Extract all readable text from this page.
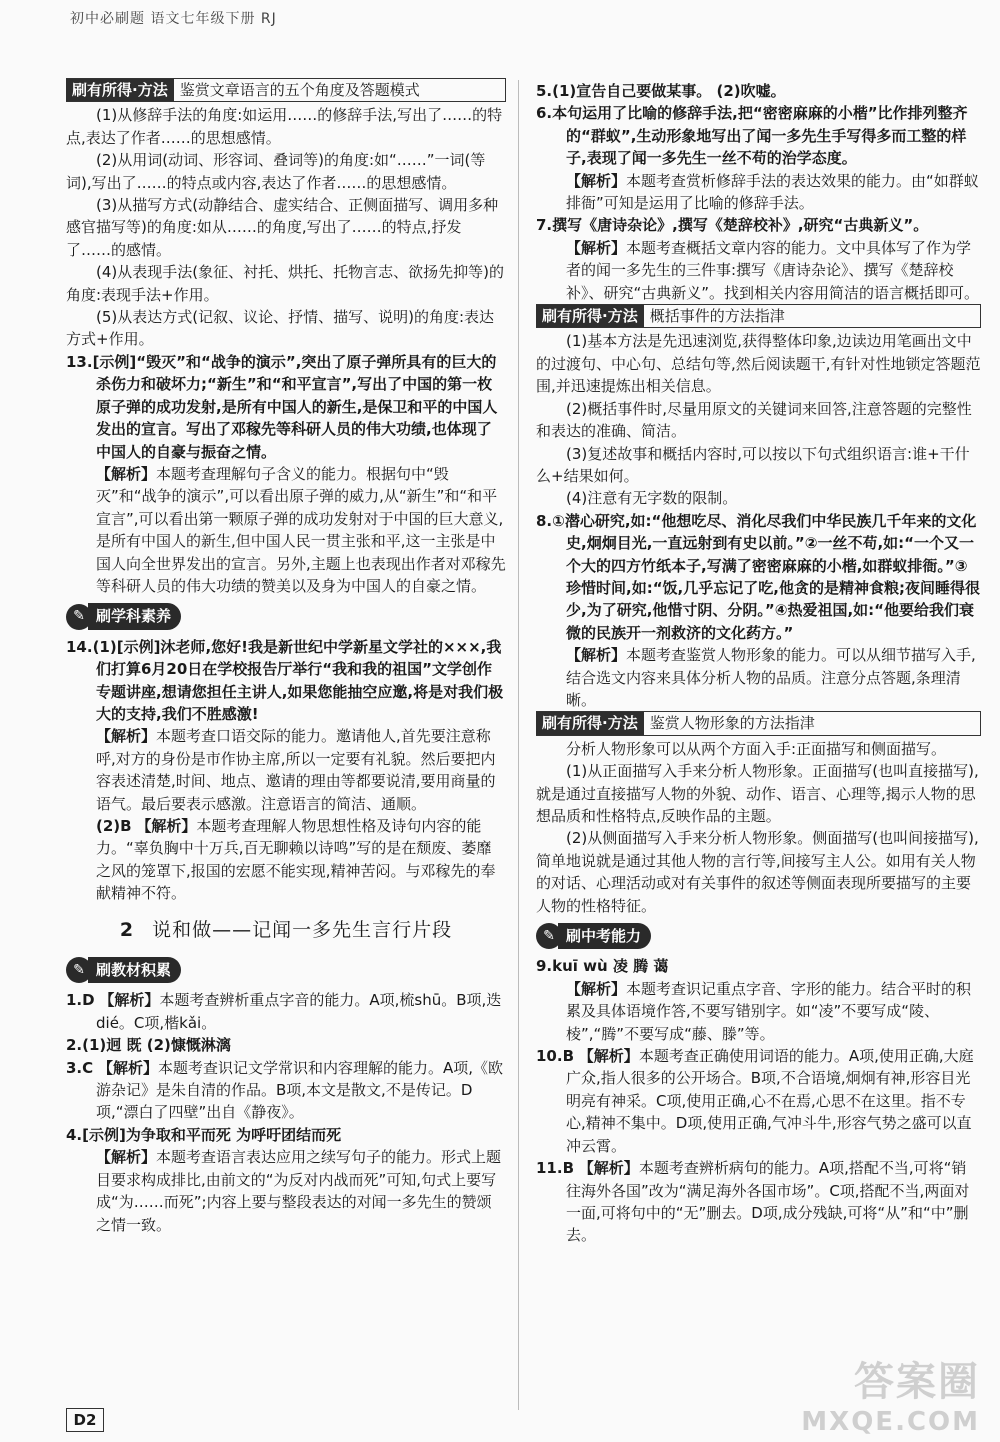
初中必刷题 语文七年级下册 RJ
刷有所得·方法 鉴赏文章语言的五个角度及答题模式

(1)从修辞手法的角度:如运用……的修辞手法,写出了……的特点,表达了作者……的思想感情。

(2)从用词(动词、形容词、叠词等)的角度:如“……”一词(等词),写出了……的特点或内容,表达了作者……的思想感情。

(3)从描写方式(动静结合、虚实结合、正侧面描写、调用多种感官描写等)的角度:如从……的角度,写出了……的特点,抒发了……的感情。

(4)从表现手法(象征、衬托、烘托、托物言志、欲扬先抑等)的角度:表现手法+作用。

(5)从表达方式(记叙、议论、抒情、描写、说明)的角度:表达方式+作用。

13.[示例]“毁灭”和“战争的演示”,突出了原子弹所具有的巨大的杀伤力和破坏力;“新生”和“和平宣言”,写出了中国的第一枚原子弹的成功发射,是所有中国人的新生,是保卫和平的中国人发出的宣言。写出了邓稼先等科研人员的伟大功绩,也体现了中国人的自豪与振奋之情。

【解析】本题考查理解句子含义的能力。根据句中“毁灭”和“战争的演示”,可以看出原子弹的威力,从“新生”和“和平宣言”,可以看出第一颗原子弹的成功发射对于中国的巨大意义,是所有中国人的新生,但中国人民一贯主张和平,这一主张是中国人向全世界发出的宣言。另外,主题上也表现出作者对邓稼先等科研人员的伟大功绩的赞美以及身为中国人的自豪之情。

✎ 刷学科素养

14.(1)[示例]沐老师,您好!我是新世纪中学新星文学社的×××,我们打算6月20日在学校报告厅举行“我和我的祖国”文学创作专题讲座,想请您担任主讲人,如果您能抽空应邀,将是对我们极大的支持,我们不胜感激!

【解析】本题考查口语交际的能力。邀请他人,首先要注意称呼,对方的身份是市作协主席,所以一定要有礼貌。然后要把内容表述清楚,时间、地点、邀请的理由等都要说清,要用商量的语气。最后要表示感激。注意语言的简洁、通顺。

(2)B 【解析】本题考查理解人物思想性格及诗句内容的能力。“辜负胸中十万兵,百无聊赖以诗鸣”写的是在颓废、萎靡之风的笼罩下,报国的宏愿不能实现,精神苦闷。与邓稼先的奉献精神不符。

2 说和做——记闻一多先生言行片段
✎ 刷教材积累

1.D 【解析】本题考查辨析重点字音的能力。A项,梳shū。B项,迭dié。C项,楷kǎi。

2.(1)迥 既 (2)慷慨淋漓

3.C 【解析】本题考查识记文学常识和内容理解的能力。A项,《欧游杂记》是朱自清的作品。B项,本文是散文,不是传记。D项,“漂白了四壁”出自《静夜》。

4.[示例]为争取和平而死 为呼吁团结而死

【解析】本题考查语言表达应用之续写句子的能力。形式上题目要求构成排比,由前文的“为反对内战而死”可知,句式上要写成“为……而死”;内容上要与整段表达的对闻一多先生的赞颂之情一致。

5.(1)宣告自己要做某事。 (2)吹嘘。

6.本句运用了比喻的修辞手法,把“密密麻麻的小楷”比作排列整齐的“群蚁”,生动形象地写出了闻一多先生手写得多而工整的样子,表现了闻一多先生一丝不苟的治学态度。

【解析】本题考查赏析修辞手法的表达效果的能力。由“如群蚁排衙”可知是运用了比喻的修辞手法。

7.撰写《唐诗杂论》,撰写《楚辞校补》,研究“古典新义”。

【解析】本题考查概括文章内容的能力。文中具体写了作为学者的闻一多先生的三件事:撰写《唐诗杂论》、撰写《楚辞校补》、研究“古典新义”。找到相关内容用简洁的语言概括即可。

刷有所得·方法 概括事件的方法指津

(1)基本方法是先迅速浏览,获得整体印象,边读边用笔画出文中的过渡句、中心句、总结句等,然后阅读题干,有针对性地锁定答题范围,并迅速提炼出相关信息。

(2)概括事件时,尽量用原文的关键词来回答,注意答题的完整性和表达的准确、简洁。

(3)复述故事和概括内容时,可以按以下句式组织语言:谁+干什么+结果如何。

(4)注意有无字数的限制。

8.①潜心研究,如:“他想吃尽、消化尽我们中华民族几千年来的文化史,炯炯目光,一直远射到有史以前。”②一丝不苟,如:“一个又一个大的四方竹纸本子,写满了密密麻麻的小楷,如群蚁排衙。”③珍惜时间,如:“饭,几乎忘记了吃,他贪的是精神食粮;夜间睡得很少,为了研究,他惜寸阴、分阴。”④热爱祖国,如:“他要给我们衰微的民族开一剂救济的文化药方。”

【解析】本题考查鉴赏人物形象的能力。可以从细节描写入手,结合选文内容来具体分析人物的品质。注意分点答题,条理清晰。

刷有所得·方法 鉴赏人物形象的方法指津

分析人物形象可以从两个方面入手:正面描写和侧面描写。

(1)从正面描写入手来分析人物形象。正面描写(也叫直接描写),就是通过直接描写人物的外貌、动作、语言、心理等,揭示人物的思想品质和性格特点,反映作品的主题。

(2)从侧面描写入手来分析人物形象。侧面描写(也叫间接描写),简单地说就是通过其他人物的言行等,间接写主人公。如用有关人物的对话、心理活动或对有关事件的叙述等侧面表现所要描写的主要人物的性格特征。

✎ 刷中考能力

9.kuī wù 凌 腾 蔼

【解析】本题考查识记重点字音、字形的能力。结合平时的积累及具体语境作答,不要写错别字。如“凌”不要写成“陵、棱”,“腾”不要写成“藤、滕”等。

10.B 【解析】本题考查正确使用词语的能力。A项,使用正确,大庭广众,指人很多的公开场合。B项,不合语境,炯炯有神,形容目光明亮有神采。C项,使用正确,心不在焉,心思不在这里。指不专心,精神不集中。D项,使用正确,气冲斗牛,形容气势之盛可以直冲云霄。

11.B 【解析】本题考查辨析病句的能力。A项,搭配不当,可将“销往海外各国”改为“满足海外各国市场”。C项,搭配不当,两面对一面,可将句中的“无”删去。D项,成分残缺,可将“从”和“中”删去。

D2
答案圈
MXQE.COM
